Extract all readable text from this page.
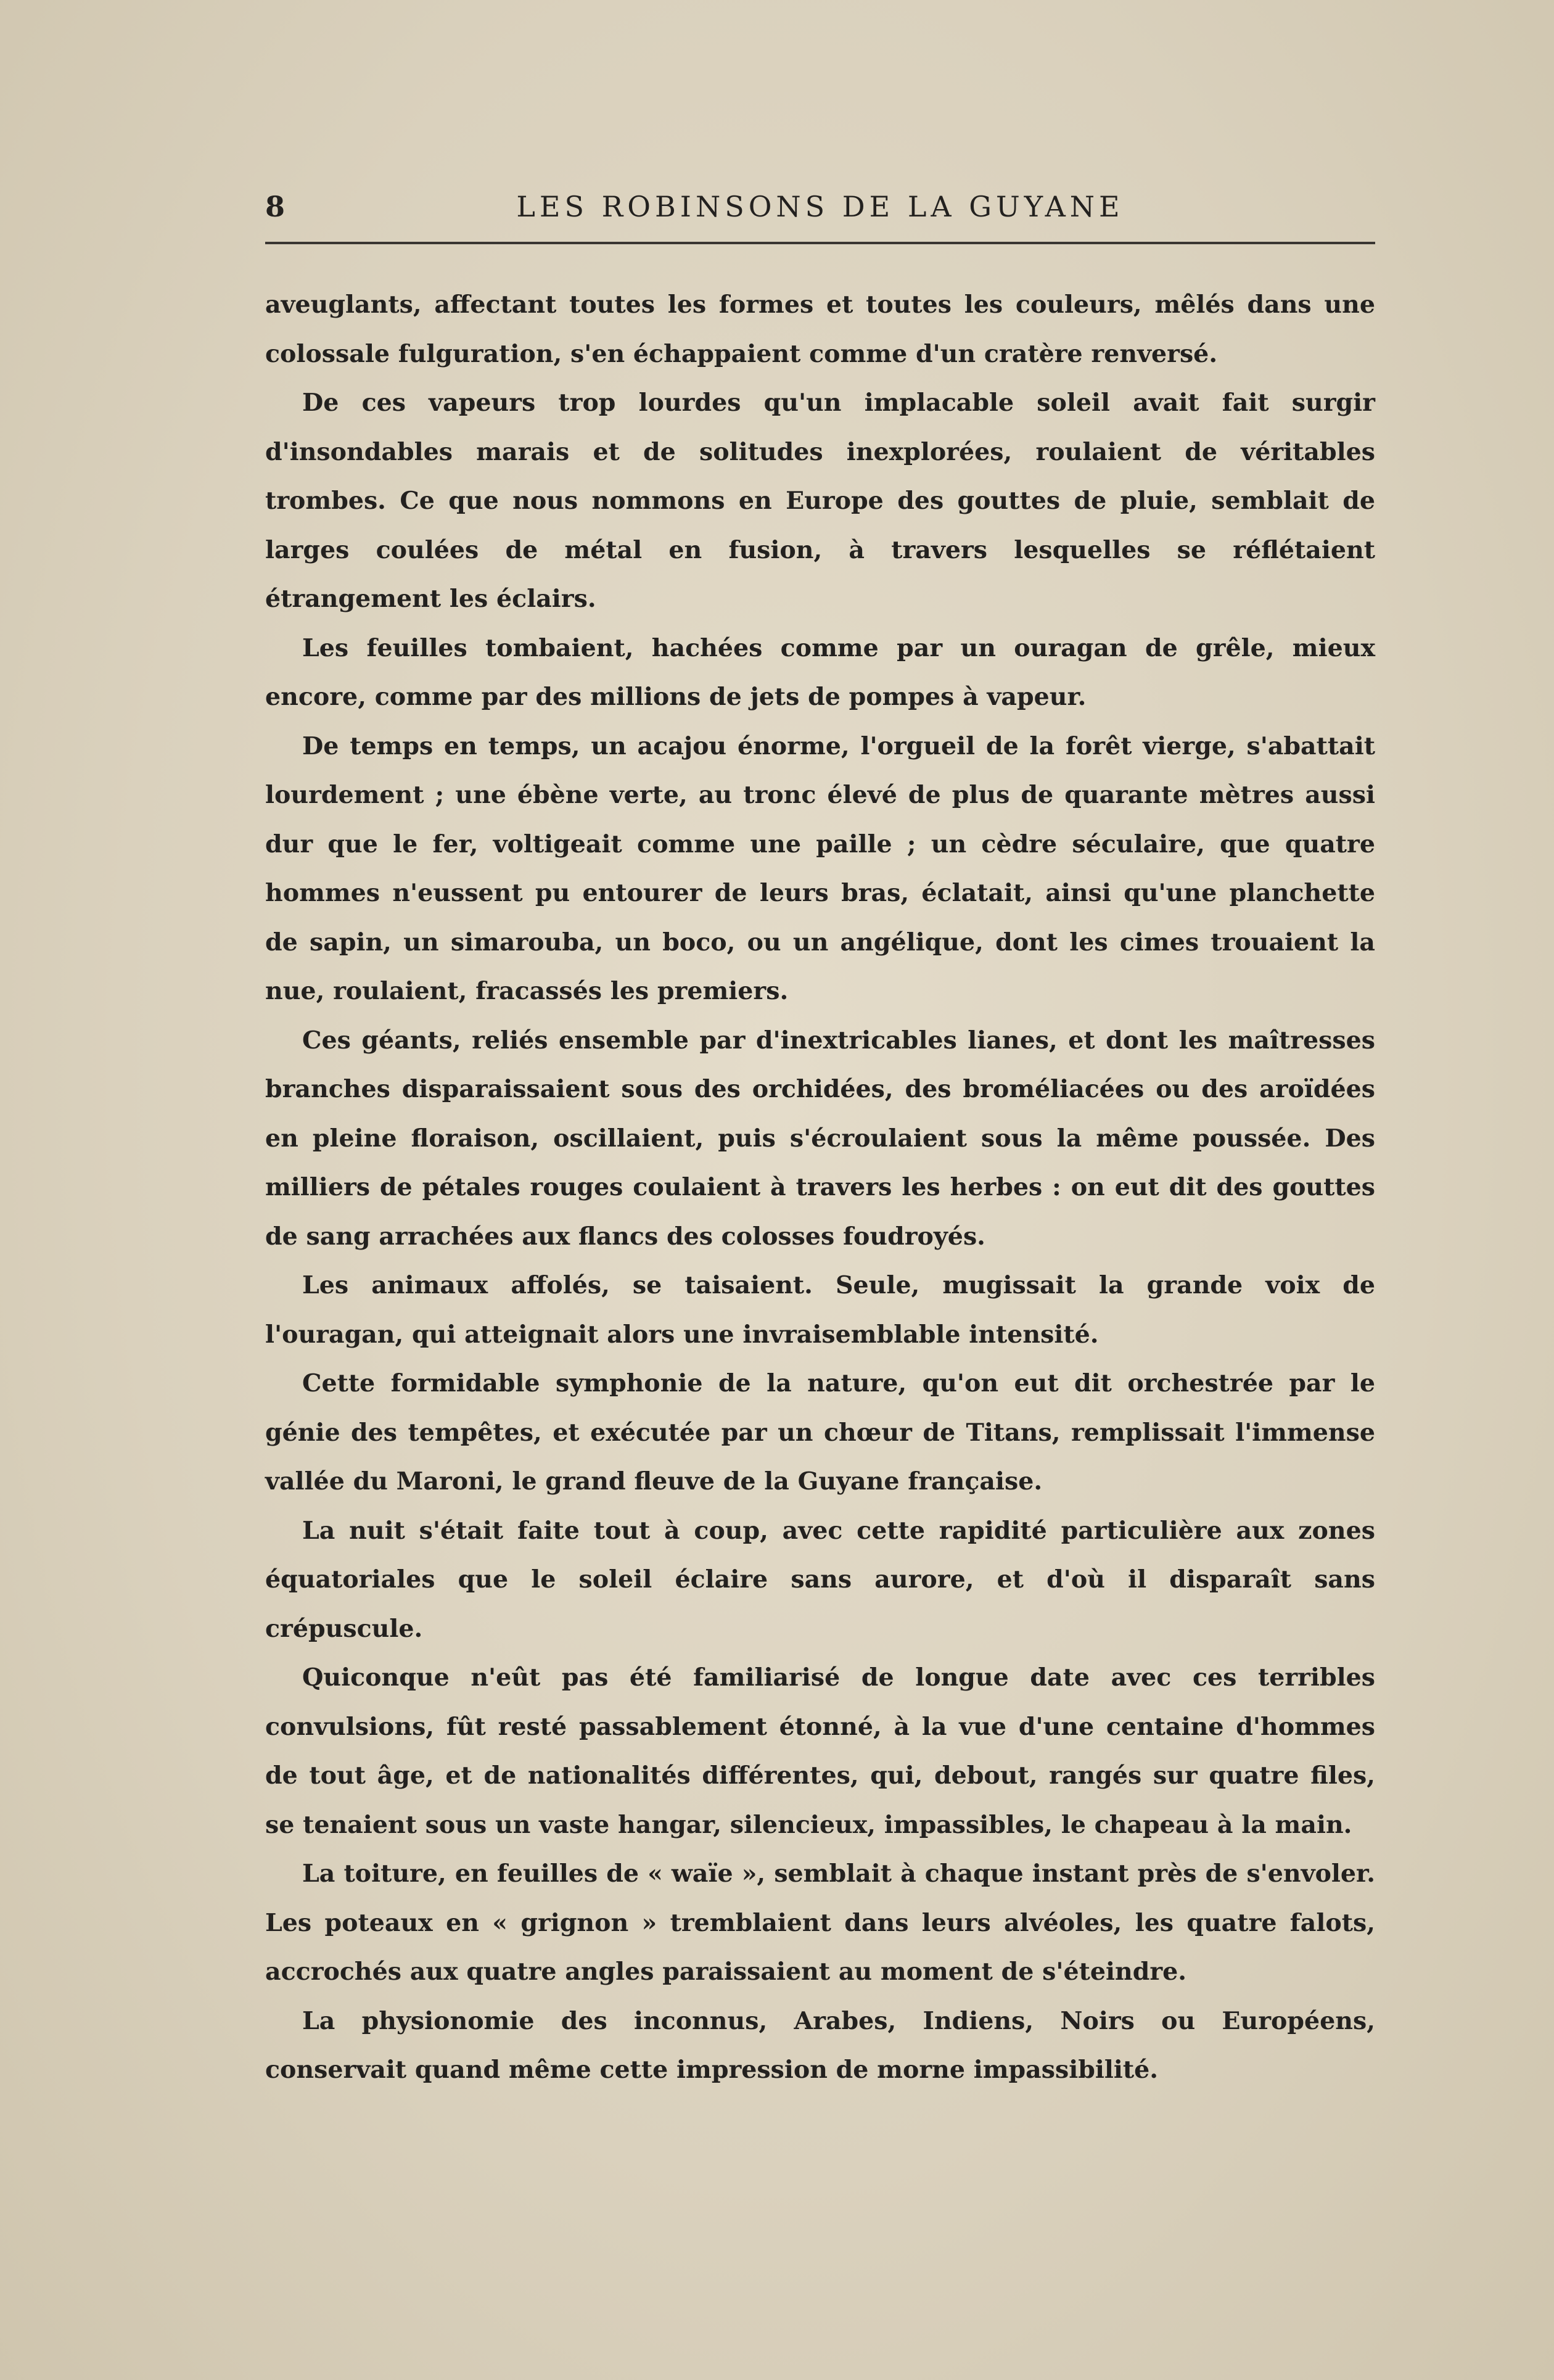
8	LES ROBINSONS DE LA GUYANE

aveuglants, affectant toutes les formes et toutes les couleurs, mêlés dans une colossale fulguration, s'en échappaient comme d'un cratère renversé.

De ces vapeurs trop lourdes qu'un implacable soleil avait fait surgir d'insondables marais et de solitudes inexplorées, roulaient de véritables trombes. Ce que nous nommons en Europe des gouttes de pluie, semblait de larges coulées de métal en fusion, à travers lesquelles se réflétaient étrangement les éclairs.

Les feuilles tombaient, hachées comme par un ouragan de grêle, mieux encore, comme par des millions de jets de pompes à vapeur.

De temps en temps, un acajou énorme, l'orgueil de la forêt vierge, s'abattait lourdement ; une ébène verte, au tronc élevé de plus de quarante mètres aussi dur que le fer, voltigeait comme une paille ; un cèdre séculaire, que quatre hommes n'eussent pu entourer de leurs bras, éclatait, ainsi qu'une planchette de sapin, un simarouba, un boco, ou un angélique, dont les cimes trouaient la nue, roulaient, fracassés les premiers.

Ces géants, reliés ensemble par d'inextricables lianes, et dont les maîtresses branches disparaissaient sous des orchidées, des broméliacées ou des aroïdées en pleine floraison, oscillaient, puis s'écroulaient sous la même poussée. Des milliers de pétales rouges coulaient à travers les herbes : on eut dit des gouttes de sang arrachées aux flancs des colosses foudroyés.

Les animaux affolés, se taisaient. Seule, mugissait la grande voix de l'ouragan, qui atteignait alors une invraisemblable intensité.

Cette formidable symphonie de la nature, qu'on eut dit orchestrée par le génie des tempêtes, et exécutée par un chœur de Titans, remplissait l'immense vallée du Maroni, le grand fleuve de la Guyane française.

La nuit s'était faite tout à coup, avec cette rapidité particulière aux zones équatoriales que le soleil éclaire sans aurore, et d'où il disparaît sans crépuscule.

Quiconque n'eût pas été familiarisé de longue date avec ces terribles convulsions, fût resté passablement étonné, à la vue d'une centaine d'hommes de tout âge, et de nationalités différentes, qui, debout, rangés sur quatre files, se tenaient sous un vaste hangar, silencieux, impassibles, le chapeau à la main.

La toiture, en feuilles de « waïe », semblait à chaque instant près de s'envoler. Les poteaux en « grignon » tremblaient dans leurs alvéoles, les quatre falots, accrochés aux quatre angles paraissaient au moment de s'éteindre.

La physionomie des inconnus, Arabes, Indiens, Noirs ou Européens, conservait quand même cette impression de morne impassibilité.
